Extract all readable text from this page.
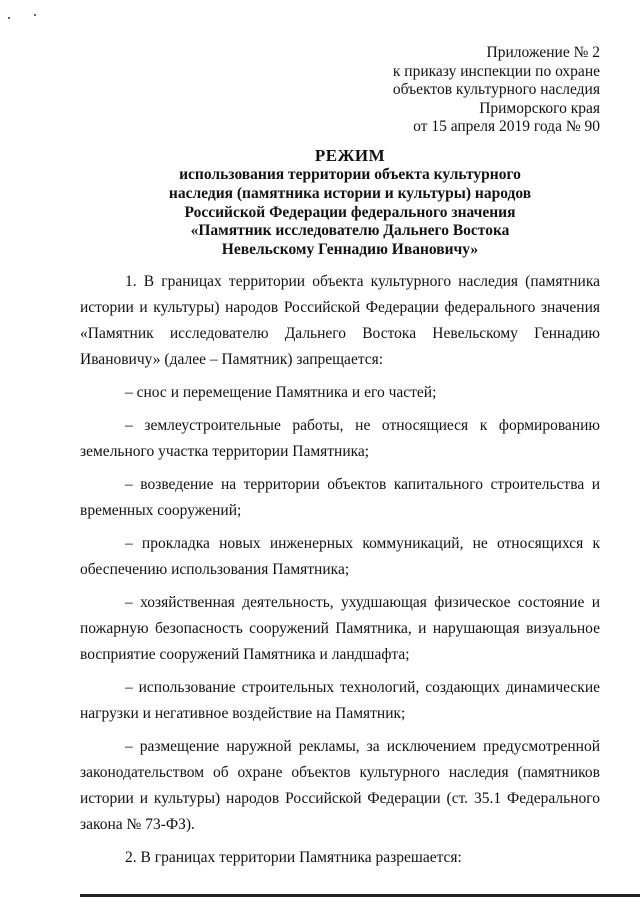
Приложение № 2
к приказу инспекции по охране
объектов культурного наследия
Приморского края
от 15 апреля 2019 года № 90
РЕЖИМ
использования территории объекта культурного
наследия (памятника истории и культуры) народов
Российской Федерации федерального значения
«Памятник исследователю Дальнего Востока
Невельскому Геннадию Ивановичу»

1. В границах территории объекта культурного наследия (памятника истории и культуры) народов Российской Федерации федерального значения «Памятник исследователю Дальнего Востока Невельскому Геннадию Ивановичу» (далее – Памятник) запрещается:

– снос и перемещение Памятника и его частей;

– землеустроительные работы, не относящиеся к формированию земельного участка территории Памятника;

– возведение на территории объектов капитального строительства и временных сооружений;

– прокладка новых инженерных коммуникаций, не относящихся к обеспечению использования Памятника;

– хозяйственная деятельность, ухудшающая физическое состояние и пожарную безопасность сооружений Памятника, и нарушающая визуальное восприятие сооружений Памятника и ландшафта;

– использование строительных технологий, создающих динамические нагрузки и негативное воздействие на Памятник;

– размещение наружной рекламы, за исключением предусмотренной законодательством об охране объектов культурного наследия (памятников истории и культуры) народов Российской Федерации (ст. 35.1 Федерального закона № 73-ФЗ).

2. В границах территории Памятника разрешается:
